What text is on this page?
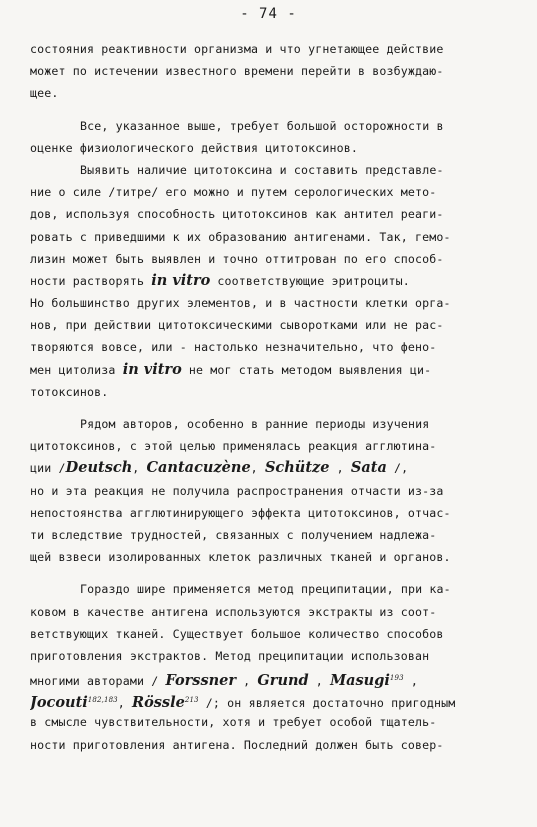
- 74 -
состояния реактивности организма и что угнетающее действие
может по истечении известного времени перейти в возбуждаю-
щее.
Все, указанное выше, требует большой осторожности в
оценке физиологического действия цитотоксинов.
Выявить наличие цитотоксина и составить представле-
ние о силе /титре/ его можно и путем серологических мето-
дов, используя способность цитотоксинов как антител реаги-
ровать с приведшими к их образованию антигенами. Так, гемо-
лизин может быть выявлен и точно оттитрован по его способ-
ности растворять in vitro соответствующие эритроциты.
Но большинство других элементов, и в частности клетки орга-
нов, при действии цитотоксическими сыворотками или не рас-
творяются вовсе, или - настолько незначительно, что фено-
мен цитолиза in vitro не мог стать методом выявления ци-
тотоксинов.
Рядом авторов, особенно в ранние периоды изучения
цитотоксинов, с этой целью применялась реакция агглютина-
ции /Deutsch, Cantacuzène, Schütze , Sata /,
но и эта реакция не получила распространения отчасти из-за
непостоянства агглютинирующего эффекта цитотоксинов, отчас-
ти вследствие трудностей, связанных с получением надлежа-
щей взвеси изолированных клеток различных тканей и органов.
Гораздо шире применяется метод преципитации, при ка-
ковом в качестве антигена используются экстракты из соот-
ветствующих тканей. Существует большое количество способов
приготовления экстрактов. Метод преципитации использован
многими авторами / Forssner , Grund , Masugi$^{193}$ ,
Jocouti$^{182,183}$, Rössle$^{213}$ /; он является достаточно пригодным
в смысле чувствительности, хотя и требует особой тщатель-
ности приготовления антигена. Последний должен быть совер-
